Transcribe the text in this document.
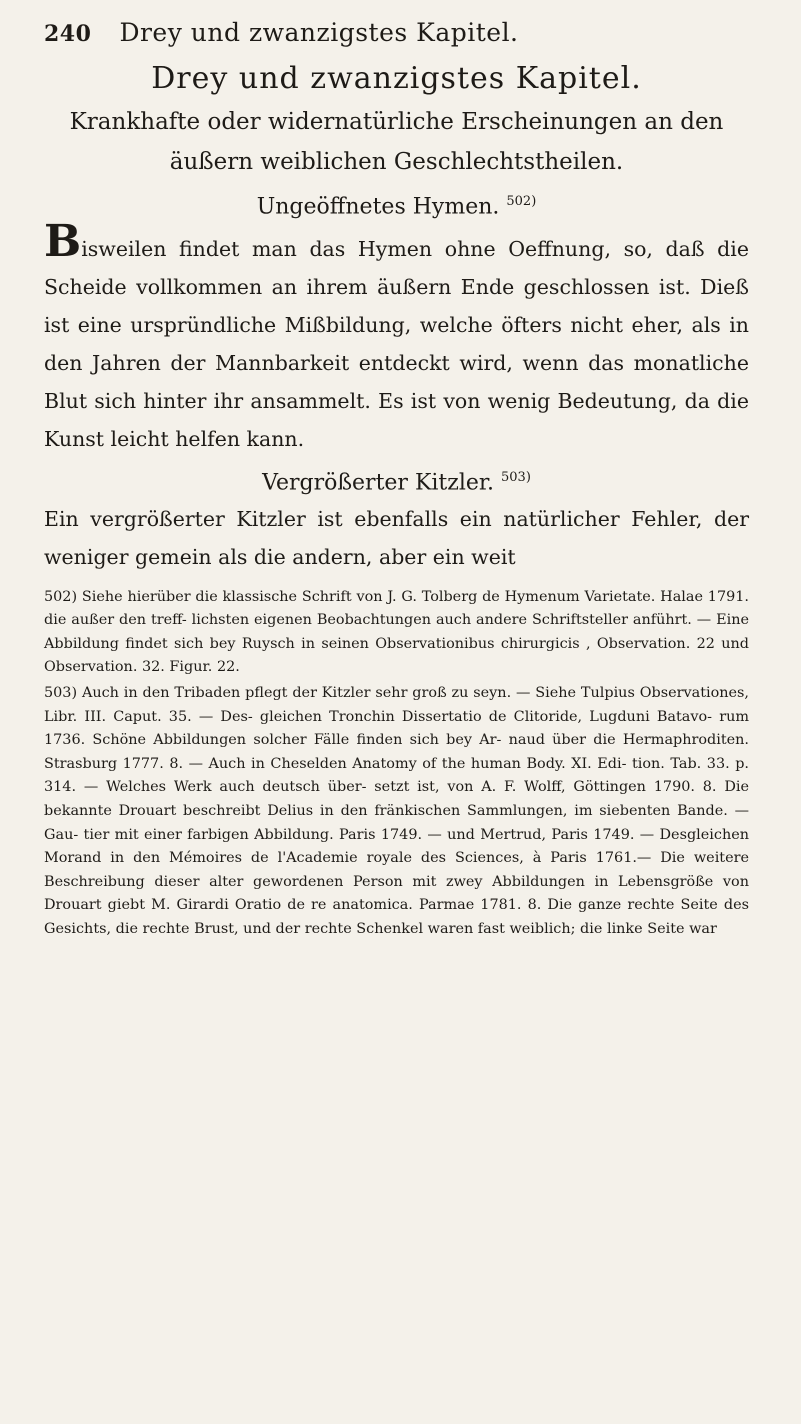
240 Drey und zwanzigstes Kapitel.
Drey und zwanzigstes Kapitel.
Krankhafte oder widernatürliche Erscheinungen an den äußern weiblichen Geschlechtstheilen.
Ungeöffnetes Hymen. $^{502)}$

Bisweilen findet man das Hymen ohne Oeffnung, so, daß die Scheide vollkommen an ihrem äußern Ende geschlossen ist. Dieß ist eine urspründliche Mißbildung, welche öfters nicht eher, als in den Jahren der Mannbarkeit entdeckt wird, wenn das monatliche Blut sich hinter ihr ansammelt. Es ist von wenig Bedeutung, da die Kunst leicht helfen kann.

Vergrößerter Kitzler. $^{503)}$

Ein vergrößerter Kitzler ist ebenfalls ein natürlicher Fehler, der weniger gemein als die andern, aber ein weit

502) Siehe hierüber die klassische Schrift von J. G. Tolberg de Hymenum Varietate. Halae 1791. die außer den treff- lichsten eigenen Beobachtungen auch andere Schriftsteller anführt. — Eine Abbildung findet sich bey Ruysch in seinen Observationibus chirurgicis , Observation. 22 und Observation. 32. Figur. 22.

503) Auch in den Tribaden pflegt der Kitzler sehr groß zu seyn. — Siehe Tulpius Observationes, Libr. III. Caput. 35. — Des- gleichen Tronchin Dissertatio de Clitoride, Lugduni Batavo- rum 1736. Schöne Abbildungen solcher Fälle finden sich bey Ar- naud über die Hermaphroditen. Strasburg 1777. 8. — Auch in Cheselden Anatomy of the human Body. XI. Edi- tion. Tab. 33. p. 314. — Welches Werk auch deutsch über- setzt ist, von A. F. Wolff, Göttingen 1790. 8. Die bekannte Drouart beschreibt Delius in den fränkischen Sammlungen, im siebenten Bande. — Gau- tier mit einer farbigen Abbildung. Paris 1749. — und Mertrud, Paris 1749. — Desgleichen Morand in den Mémoires de l'Academie royale des Sciences, à Paris 1761.— Die weitere Beschreibung dieser alter gewordenen Person mit zwey Abbildungen in Lebensgröße von Drouart giebt M. Girardi Oratio de re anatomica. Parmae 1781. 8. Die ganze rechte Seite des Gesichts, die rechte Brust, und der rechte Schenkel waren fast weiblich; die linke Seite war
